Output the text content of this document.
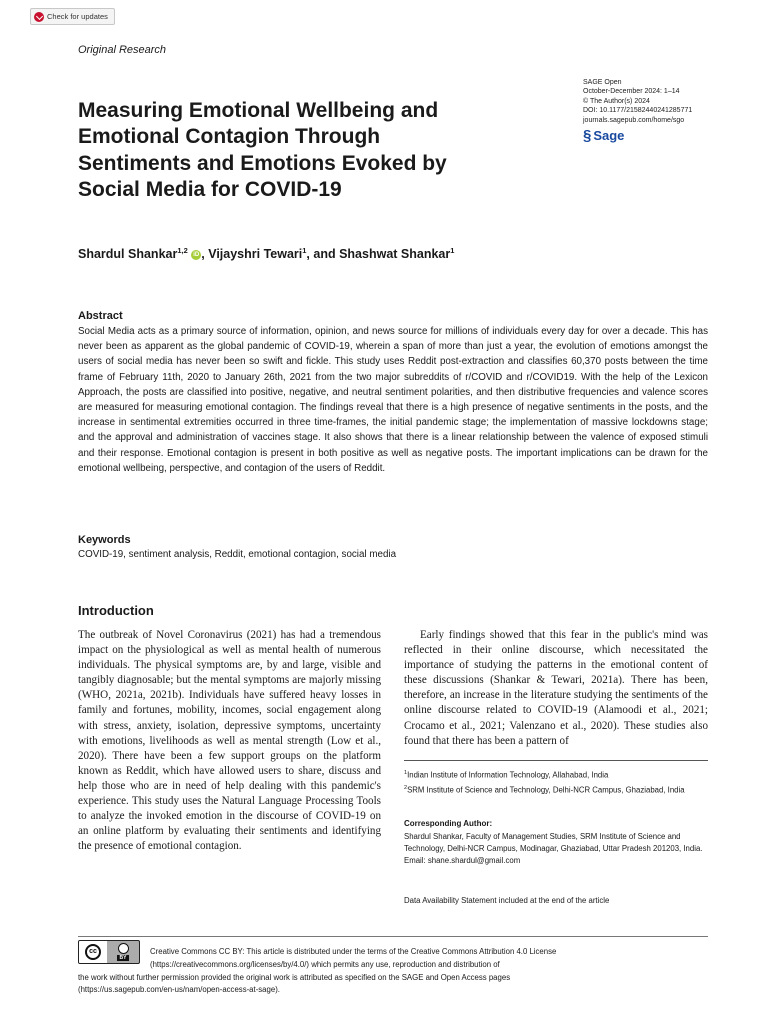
Check for updates
Original Research
SAGE Open
October-December 2024: 1–14
© The Author(s) 2024
DOI: 10.1177/21582440241285771
journals.sagepub.com/home/sgo
§ Sage
Measuring Emotional Wellbeing and Emotional Contagion Through Sentiments and Emotions Evoked by Social Media for COVID-19
Shardul Shankar$^{1,2}$ iD , Vijayshri Tewari$^1$, and Shashwat Shankar$^1$
Abstract

Social Media acts as a primary source of information, opinion, and news source for millions of individuals every day for over a decade. This has never been as apparent as the global pandemic of COVID-19, wherein a span of more than just a year, the evolution of emotions amongst the users of social media has never been so swift and fickle. This study uses Reddit post-extraction and classifies 60,370 posts between the time frame of February 11th, 2020 to January 26th, 2021 from the two major subreddits of r/COVID and r/COVID19. With the help of the Lexicon Approach, the posts are classified into positive, negative, and neutral sentiment polarities, and then distributive frequencies and valence scores are measured for measuring emotional contagion. The findings reveal that there is a high presence of negative sentiments in the posts, and the increase in sentimental extremities occurred in three time-frames, the initial pandemic stage; the implementation of massive lockdowns stage; and the approval and administration of vaccines stage. It also shows that there is a linear relationship between the valence of exposed stimuli and their response. Emotional contagion is present in both positive as well as negative posts. The important implications can be drawn for the emotional wellbeing, perspective, and contagion of the users of Reddit.

Keywords
COVID-19, sentiment analysis, Reddit, emotional contagion, social media
Introduction

The outbreak of Novel Coronavirus (2021) has had a tremendous impact on the physiological as well as mental health of numerous individuals. The physical symptoms are, by and large, visible and tangibly diagnosable; but the mental symptoms are majorly missing (WHO, 2021a, 2021b). Individuals have suffered heavy losses in family and fortunes, mobility, incomes, social engagement along with stress, anxiety, isolation, depressive symptoms, uncertainty with emotions, livelihoods as well as mental strength (Low et al., 2020). There have been a few support groups on the platform known as Reddit, which have allowed users to share, discuss and help those who are in need of help dealing with this pandemic's experience. This study uses the Natural Language Processing Tools to analyze the invoked emotion in the discourse of COVID-19 on an online platform by evaluating their sentiments and identifying the presence of emotional contagion.

Early findings showed that this fear in the public's mind was reflected in their online discourse, which necessitated the importance of studying the patterns in the emotional content of these discussions (Shankar & Tewari, 2021a). There has been, therefore, an increase in the literature studying the sentiments of the online discourse related to COVID-19 (Alamoodi et al., 2021; Crocamo et al., 2021; Valenzano et al., 2020). These studies also found that there has been a pattern of

$^1$Indian Institute of Information Technology, Allahabad, India
$^2$SRM Institute of Science and Technology, Delhi-NCR Campus, Ghaziabad, India
Corresponding Author:
Shardul Shankar, Faculty of Management Studies, SRM Institute of Science and Technology, Delhi-NCR Campus, Modinagar, Ghaziabad, Uttar Pradesh 201203, India.
Email: shane.shardul@gmail.com
Data Availability Statement included at the end of the article
cc
BY
Creative Commons CC BY: This article is distributed under the terms of the Creative Commons Attribution 4.0 License
(https://creativecommons.org/licenses/by/4.0/) which permits any use, reproduction and distribution of
the work without further permission provided the original work is attributed as specified on the SAGE and Open Access pages
(https://us.sagepub.com/en-us/nam/open-access-at-sage).
